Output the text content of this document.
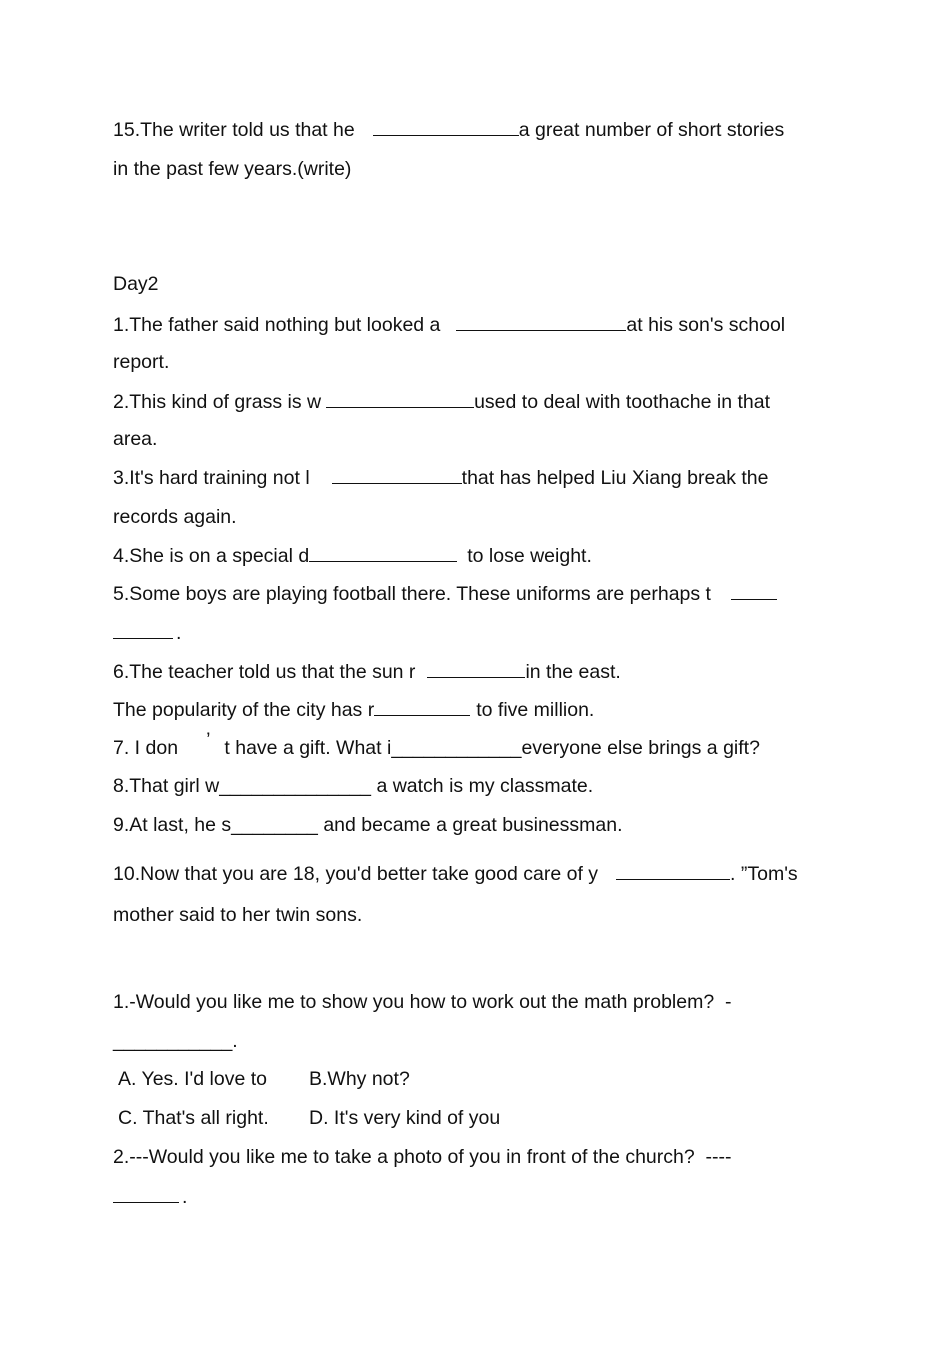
15.The writer told us that he	a great number of short stories
in the past few years.(write)
Day2
1.The father said nothing but looked a	at his son's school
report.
2.This kind of grass is w	used to deal with toothache in that
area.
3.It's hard training not l	that has helped Liu Xiang break the
records again.
4.She is on a special d	to lose weight.
5.Some boys are playing football there. These uniforms are perhaps t
.
6.The teacher told us that the sun r	in the east.
The popularity of the city has r	to five million.
7. I don ’ t have a gift. What i____________everyone else brings a gift?
8.That girl w______________ a watch is my classmate.
9.At last, he s________ and became a great businessman.
10.Now that you are 18, you'd better take good care of y	. ”Tom's
mother said to her twin sons.
1.-Would you like me to show you how to work out the math problem?  -
___________.
A. Yes. I'd love to B.Why not?
C. That's all right. D. It's very kind of you
2.---Would you like me to take a photo of you in front of the church?  ----
.
